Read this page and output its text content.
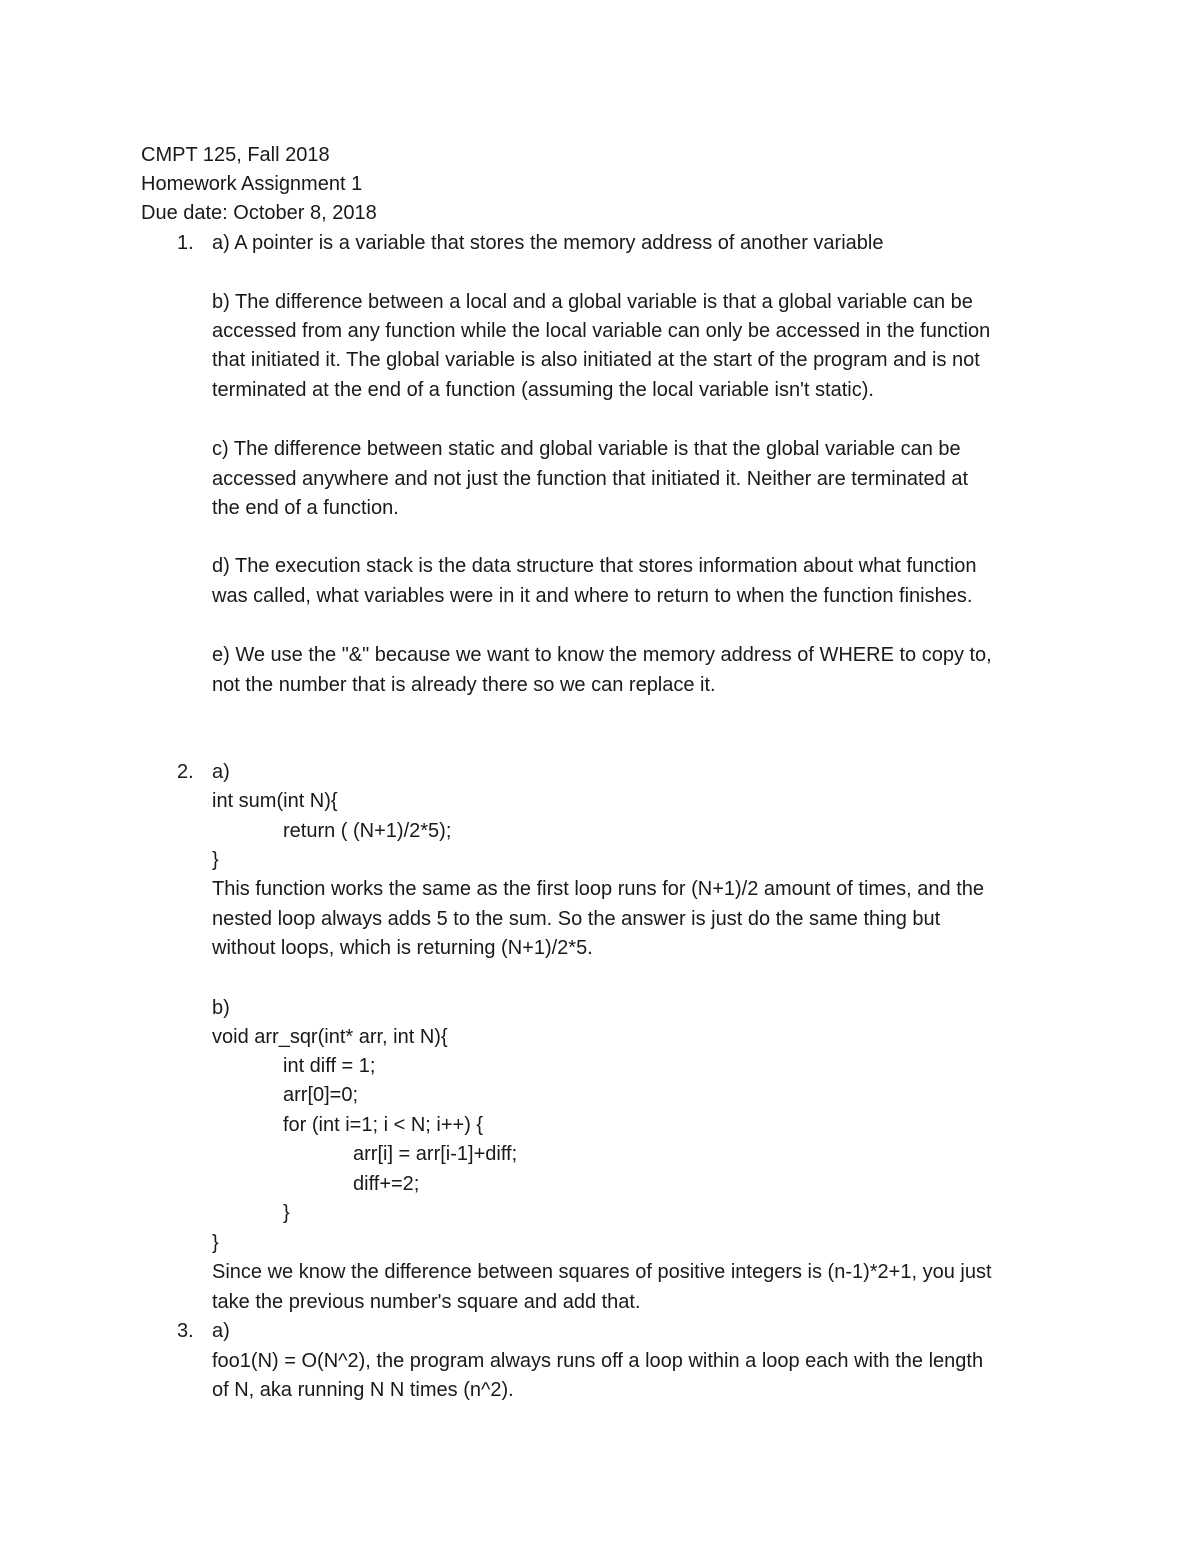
CMPT 125, Fall 2018
Homework Assignment 1
Due date: October 8, 2018
1. a) A pointer is a variable that stores the memory address of another variable
b) The difference between a local and a global variable is that a global variable can be
accessed from any function while the local variable can only be accessed in the function
that initiated it. The global variable is also initiated at the start of the program and is not
terminated at the end of a function (assuming the local variable isn't static).
c) The difference between static and global variable is that the global variable can be
accessed anywhere and not just the function that initiated it. Neither are terminated at
the end of a function.
d) The execution stack is the data structure that stores information about what function
was called, what variables were in it and where to return to when the function finishes.
e) We use the "&" because we want to know the memory address of WHERE to copy to,
not the number that is already there so we can replace it.
2. a)
int sum(int N){
return ( (N+1)/2*5);
}
This function works the same as the first loop runs for (N+1)/2 amount of times, and the
nested loop always adds 5 to the sum. So the answer is just do the same thing but
without loops, which is returning (N+1)/2*5.
b)
void arr_sqr(int* arr, int N){
int diff = 1;
arr[0]=0;
for (int i=1; i < N; i++) {
arr[i] = arr[i-1]+diff;
diff+=2;
}
}
Since we know the difference between squares of positive integers is (n-1)*2+1, you just
take the previous number's square and add that.
3. a)
foo1(N) = O(N^2), the program always runs off a loop within a loop each with the length
of N, aka running N N times (n^2).
